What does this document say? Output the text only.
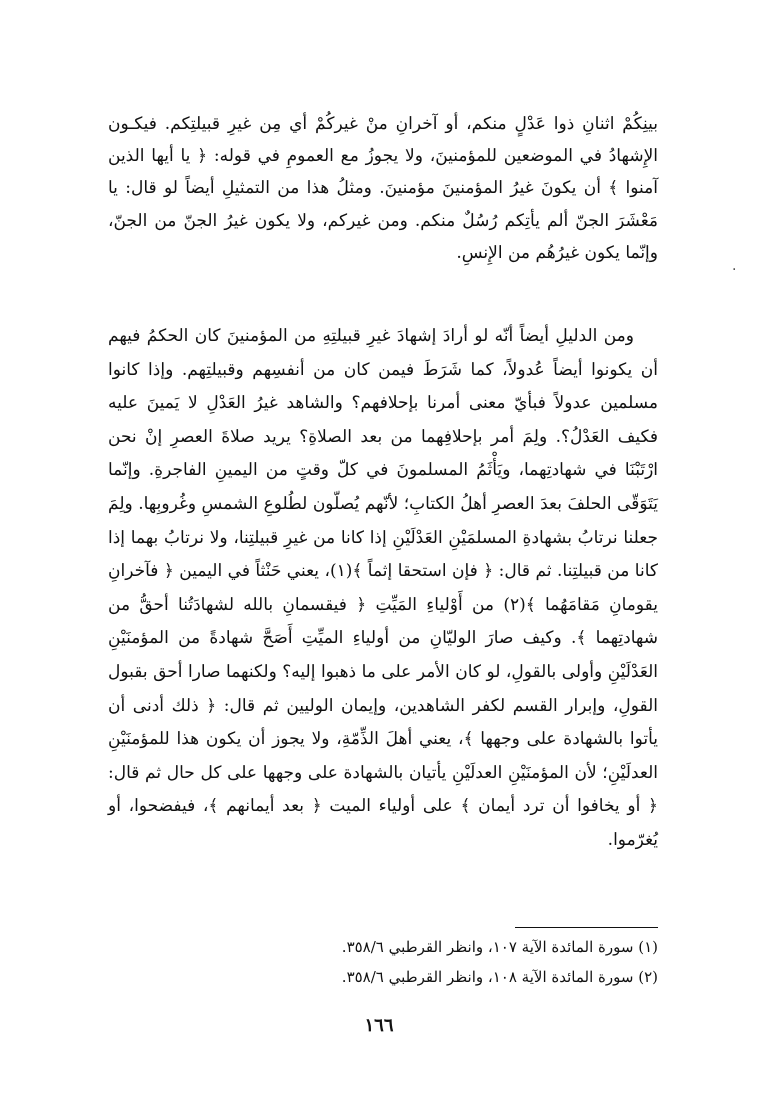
بينِكُمْ اثنانِ ذوا عَدْلٍ منكم، أو آخرانِ منْ غيركُمْ أي مِن غيرِ قبيلتِكم. فيكـون الإِشهادُ في الموضعين للمؤمنينَ، ولا يجوزُ مع العمومِ في قوله: ﴿ يا أيها الذين آمنوا ﴾ أن يكونَ غيرُ المؤمنينَ مؤمنينَ. ومثلُ هذا من التمثيلِ أيضاً لو قال: يا مَعْشَرَ الجنّ ألم يأتِكم رُسُلٌ منكم. ومن غيركم، ولا يكون غيرُ الجنّ من الجنّ، وإنّما يكون غيرُهُم من الإِنسِ.

ومن الدليلِ أيضاً أنّه لو أرادَ إشهادَ غيرِ قبيلتِهِ من المؤمنينَ كان الحكمُ فيهم أن يكونوا أيضاً عُدولاً، كما شَرَطَ فيمن كان من أنفسِهم وقبيلتِهم. وإذا كانوا مسلمين عدولاً فبأيّ معنى أمرنا بإحلافهم؟ والشاهد غيرُ العَدْلِ لا يَمينَ عليه فكيف العَدْلُ؟. ولِمَ أمر بإحلافِهما من بعد الصلاةِ؟ يريد صلاةَ العصرِ إنْ نحن ارْتَبْنَا في شهادتِهما، ويَأْثَمُ المسلمونَ في كلّ وقتٍ من اليمينِ الفاجرةِ. وإنّما يَتَوَقّى الحلفَ بعدَ العصرِ أهلُ الكتابِ؛ لأنّهم يُصلّون لطُلوعِ الشمسِ وغُروبِها. ولِمَ جعلنا نرتابُ بشهادةِ المسلمَيْنِ العَدْلَيْنِ إذا كانا من غيرِ قبيلتِنا، ولا نرتابُ بهما إذا كانا من قبيلتِنا. ثم قال: ﴿ فإن استحقا إثماً ﴾(١)، يعني حَنْثاً في اليمين ﴿ فآخرانِ يقومانِ مَقامَهُما ﴾(٢) من أَوْلياءِ المَيِّتِ ﴿ فيقسمانِ بالله لشهادَتُنا أحقُّ من شهادتِهما ﴾. وكيف صارَ الوليّانِ من أولياءِ الميِّتِ أَصَحَّ شهادةً من المؤمنَيْنِ العَدْلَيْنِ وأولى بالقولِ، لو كان الأمر على ما ذهبوا إليه؟ ولكنهما صارا أحق بقبول القولِ، وإبرار القسم لكفر الشاهدين، وإيمان الوليين ثم قال: ﴿ ذلك أدنى أن يأتوا بالشهادة على وجهها ﴾، يعني أهلَ الذِّمّةِ، ولا يجوز أن يكون هذا للمؤمنَيْنِ العدلَيْنِ؛ لأن المؤمنَيْنِ العدلَيْنِ يأتيان بالشهادة على وجهها على كل حال ثم قال: ﴿ أو يخافوا أن ترد أيمان ﴾ على أولياء الميت ﴿ بعد أيمانهم ﴾، فيفضحوا، أو يُغرّموا.

·
(١) سورة المائدة الآية ١٠٧، وانظر القرطبي ٣٥٨/٦.
(٢) سورة المائدة الآية ١٠٨، وانظر القرطبي ٣٥٨/٦.
١٦٦
